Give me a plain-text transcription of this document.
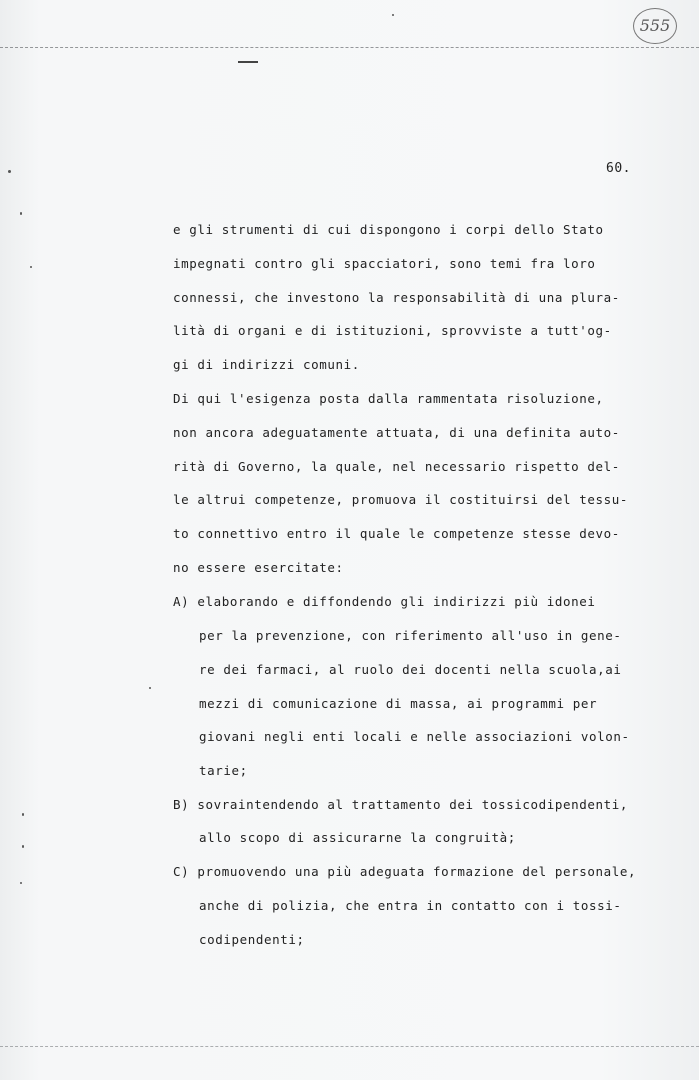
555
60.
e gli strumenti di cui dispongono i corpi dello Stato
impegnati contro gli spacciatori, sono temi fra loro
connessi, che investono la responsabilità di una plura-
lità di organi e di istituzioni, sprovviste a tutt'og-
gi di indirizzi comuni.
Di qui l'esigenza posta dalla rammentata risoluzione,
non ancora adeguatamente attuata, di una definita auto-
rità di Governo, la quale, nel necessario rispetto del-
le altrui competenze, promuova il costituirsi del tessu-
to connettivo entro il quale le competenze stesse devo-
no essere esercitate:
A) elaborando e diffondendo gli indirizzi più idonei
per la prevenzione, con riferimento all'uso in gene-
re dei farmaci, al ruolo dei docenti nella scuola,ai
mezzi di comunicazione di massa, ai programmi per
giovani negli enti locali e nelle associazioni volon-
tarie;
B) sovraintendendo al trattamento dei tossicodipendenti,
allo scopo di assicurarne la congruità;
C) promuovendo una più adeguata formazione del personale,
anche di polizia, che entra in contatto con i tossi-
codipendenti;
